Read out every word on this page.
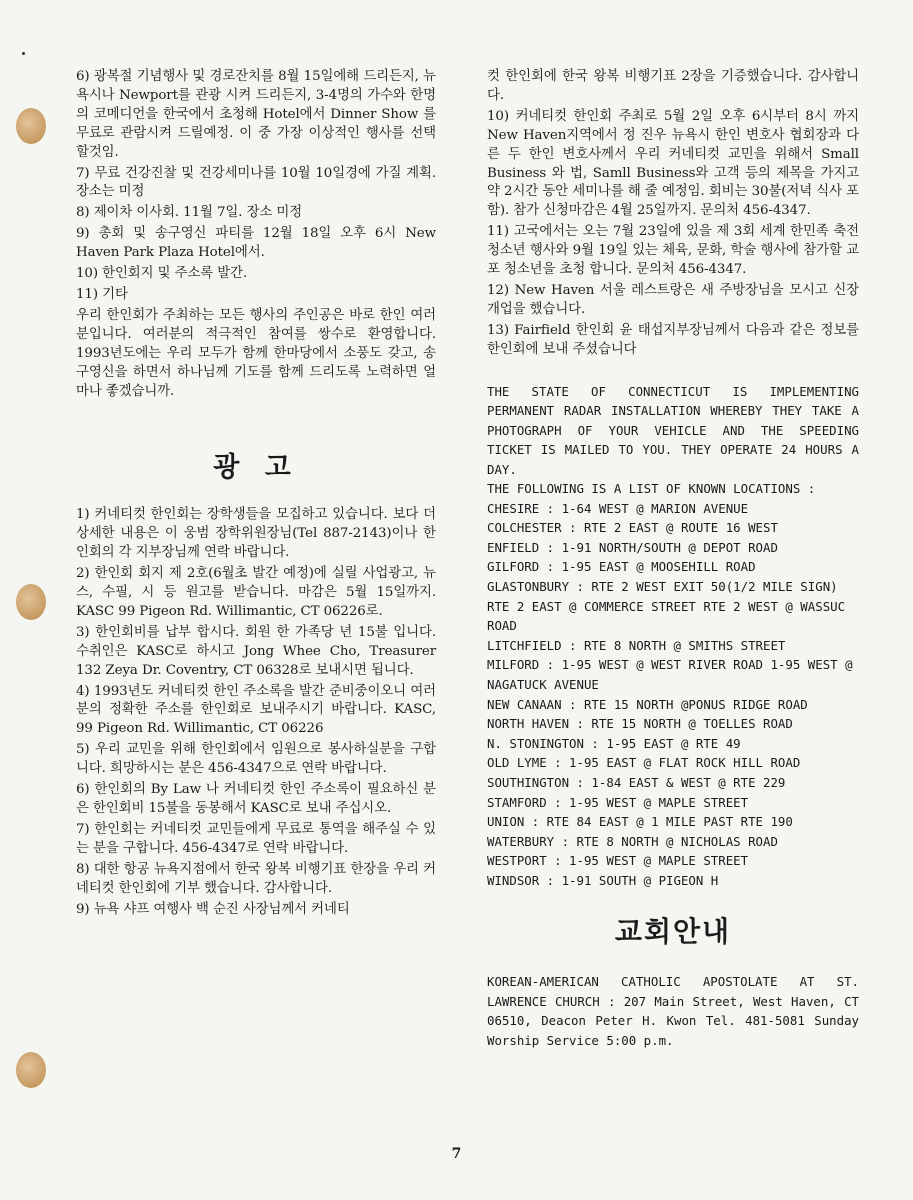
6) 광복절 기념행사 및 경로잔치를 8월 15일에해 드리든지, 뉴욕시나 Newport를 관광 시켜 드리든지, 3-4명의 가수와 한명의 코메디언을 한국에서 초청해 Hotel에서 Dinner Show 를 무료로 관람시켜 드릴예정. 이 중 가장 이상적인 행사를 선택 할것임.

7) 무료 건강진찰 및 건강세미나를 10월 10일경에 가질 계획. 장소는 미정

8) 제이차 이사회. 11월 7일. 장소 미정

9) 총회 및 송구영신 파티를 12월 18일 오후 6시 New Haven Park Plaza Hotel에서.

10) 한인회지 및 주소록 발간.

11) 기타

우리 한인회가 주최하는 모든 행사의 주인공은 바로 한인 여러분입니다. 여러분의 적극적인 참여를 쌍수로 환영합니다. 1993년도에는 우리 모두가 함께 한마당에서 소풍도 갖고, 송구영신을 하면서 하나님께 기도를 함께 드리도록 노력하면 얼마나 좋겠습니까.

광 고

1) 커네티컷 한인회는 장학생들을 모집하고 있습니다. 보다 더 상세한 내용은 이 웅범 장학위원장님(Tel 887-2143)이나 한인회의 각 지부장님께 연락 바랍니다.

2) 한인회 회지 제 2호(6월초 발간 예정)에 실릴 사업광고, 뉴스, 수필, 시 등 원고를 받습니다. 마감은 5월 15일까지. KASC 99 Pigeon Rd. Willimantic, CT 06226로.

3) 한인회비를 납부 합시다. 회원 한 가족당 년 15불 입니다. 수취인은 KASC로 하시고 Jong Whee Cho, Treasurer 132 Zeya Dr. Coventry, CT 06328로 보내시면 됩니다.

4) 1993년도 커네티컷 한인 주소록을 발간 준비중이오니 여러분의 정확한 주소를 한인회로 보내주시기 바랍니다. KASC, 99 Pigeon Rd. Willimantic, CT 06226

5) 우리 교민을 위해 한인회에서 임원으로 봉사하실분을 구합니다. 희망하시는 분은 456-4347으로 연락 바랍니다.

6) 한인회의 By Law 나 커네티컷 한인 주소록이 필요하신 분은 한인회비 15불을 동봉해서 KASC로 보내 주십시오.

7) 한인회는 커네티컷 교민들에게 무료로 통역을 해주실 수 있는 분을 구합니다. 456-4347로 연락 바랍니다.

8) 대한 항공 뉴욕지점에서 한국 왕복 비행기표 한장을 우리 커네티컷 한인회에 기부 했습니다. 감사합니다.

9) 뉴욕 샤프 여행사 백 순진 사장님께서 커네티

컷 한인회에 한국 왕복 비행기표 2장을 기증했습니다. 감사합니다.

10) 커네티컷 한인회 주최로 5월 2일 오후 6시부터 8시 까지 New Haven지역에서 정 진우 뉴욕시 한인 변호사 협회장과 다른 두 한인 변호사께서 우리 커네티컷 교민을 위해서 Small Business 와 법, Samll Business와 고객 등의 제목을 가지고 약 2시간 동안 세미나를 해 줄 예정임. 회비는 30불(저녁 식사 포함). 참가 신청마감은 4월 25일까지. 문의처 456-4347.

11) 고국에서는 오는 7월 23일에 있을 제 3회 세계 한민족 축전 청소년 행사와 9월 19일 있는 체육, 문화, 학술 행사에 참가할 교포 청소년을 초청 합니다. 문의처 456-4347.

12) New Haven 서울 레스트랑은 새 주방장님을 모시고 신장 개업을 했습니다.

13) Fairfield 한인회 윤 태섭지부장님께서 다음과 같은 정보를 한인회에 보내 주셨습니다

THE STATE OF CONNECTICUT IS IMPLEMENTING PERMANENT RADAR INSTALLATION WHEREBY THEY TAKE A PHOTOGRAPH OF YOUR VEHICLE AND THE SPEEDING TICKET IS MAILED TO YOU. THEY OPERATE 24 HOURS A DAY.

THE FOLLOWING IS A LIST OF KNOWN LOCATIONS :

CHESIRE : 1-64 WEST @ MARION AVENUE
COLCHESTER : RTE 2 EAST @ ROUTE 16 WEST
ENFIELD : 1-91 NORTH/SOUTH @ DEPOT ROAD
GILFORD : 1-95 EAST @ MOOSEHILL ROAD
GLASTONBURY : RTE 2 WEST EXIT 50(1/2 MILE SIGN) RTE 2 EAST @ COMMERCE STREET RTE 2 WEST @ WASSUC ROAD
LITCHFIELD : RTE 8 NORTH @ SMITHS STREET
MILFORD : 1-95 WEST @ WEST RIVER ROAD 1-95 WEST @ NAGATUCK AVENUE
NEW CANAAN : RTE 15 NORTH @PONUS RIDGE ROAD
NORTH HAVEN : RTE 15 NORTH @ TOELLES ROAD
N. STONINGTON : 1-95 EAST @ RTE 49
OLD LYME : 1-95 EAST @ FLAT ROCK HILL ROAD
SOUTHINGTON : 1-84 EAST & WEST @ RTE 229
STAMFORD : 1-95 WEST @ MAPLE STREET
UNION : RTE 84 EAST @ 1 MILE PAST RTE 190
WATERBURY : RTE 8 NORTH @ NICHOLAS ROAD
WESTPORT : 1-95 WEST @ MAPLE STREET
WINDSOR : 1-91 SOUTH @ PIGEON H
교회안내

KOREAN-AMERICAN CATHOLIC APOSTOLATE AT ST. LAWRENCE CHURCH : 207 Main Street, West Haven, CT 06510, Deacon Peter H. Kwon Tel. 481-5081 Sunday Worship Service 5:00 p.m.

7
